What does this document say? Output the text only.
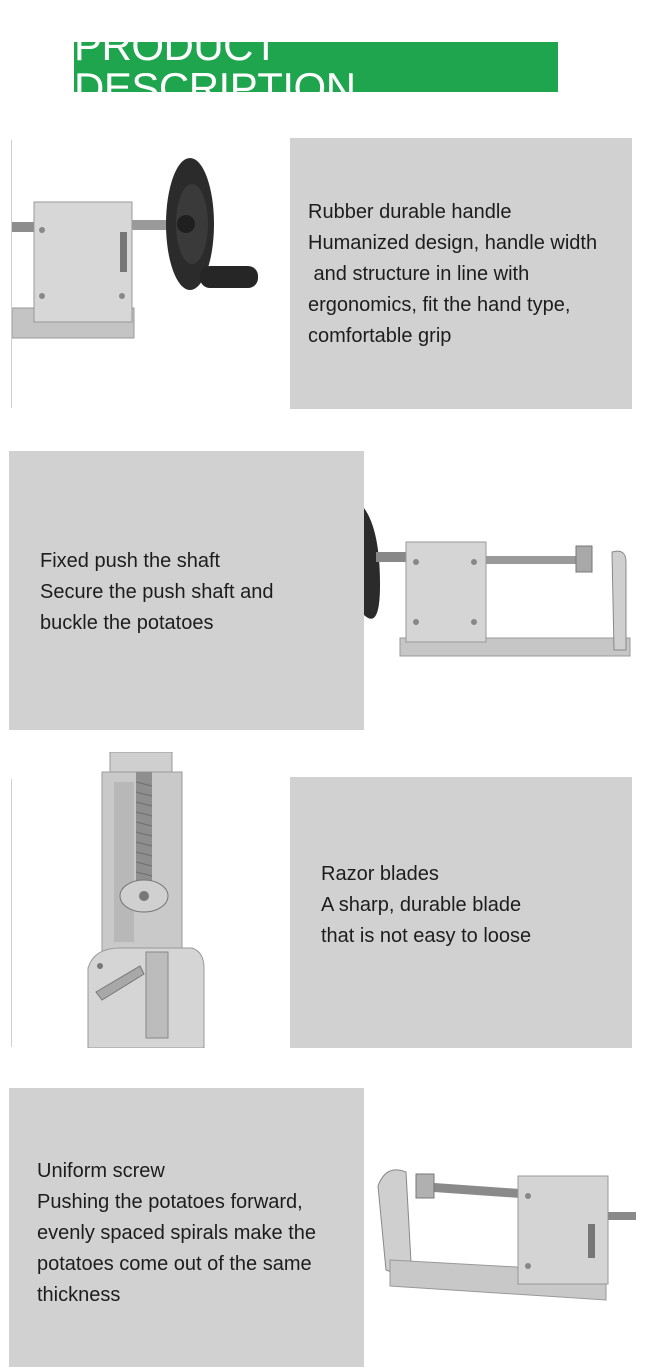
PRODUCT DESCRIPTION
Rubber durable handle
Humanized design, handle width
and structure in line with
ergonomics, fit the hand type,
comfortable grip
Fixed push the shaft
Secure the push shaft and
buckle the potatoes
Razor blades
A sharp, durable blade
that is not easy to loose
Uniform screw
Pushing the potatoes forward,
evenly spaced spirals make the
potatoes come out of the same
thickness
